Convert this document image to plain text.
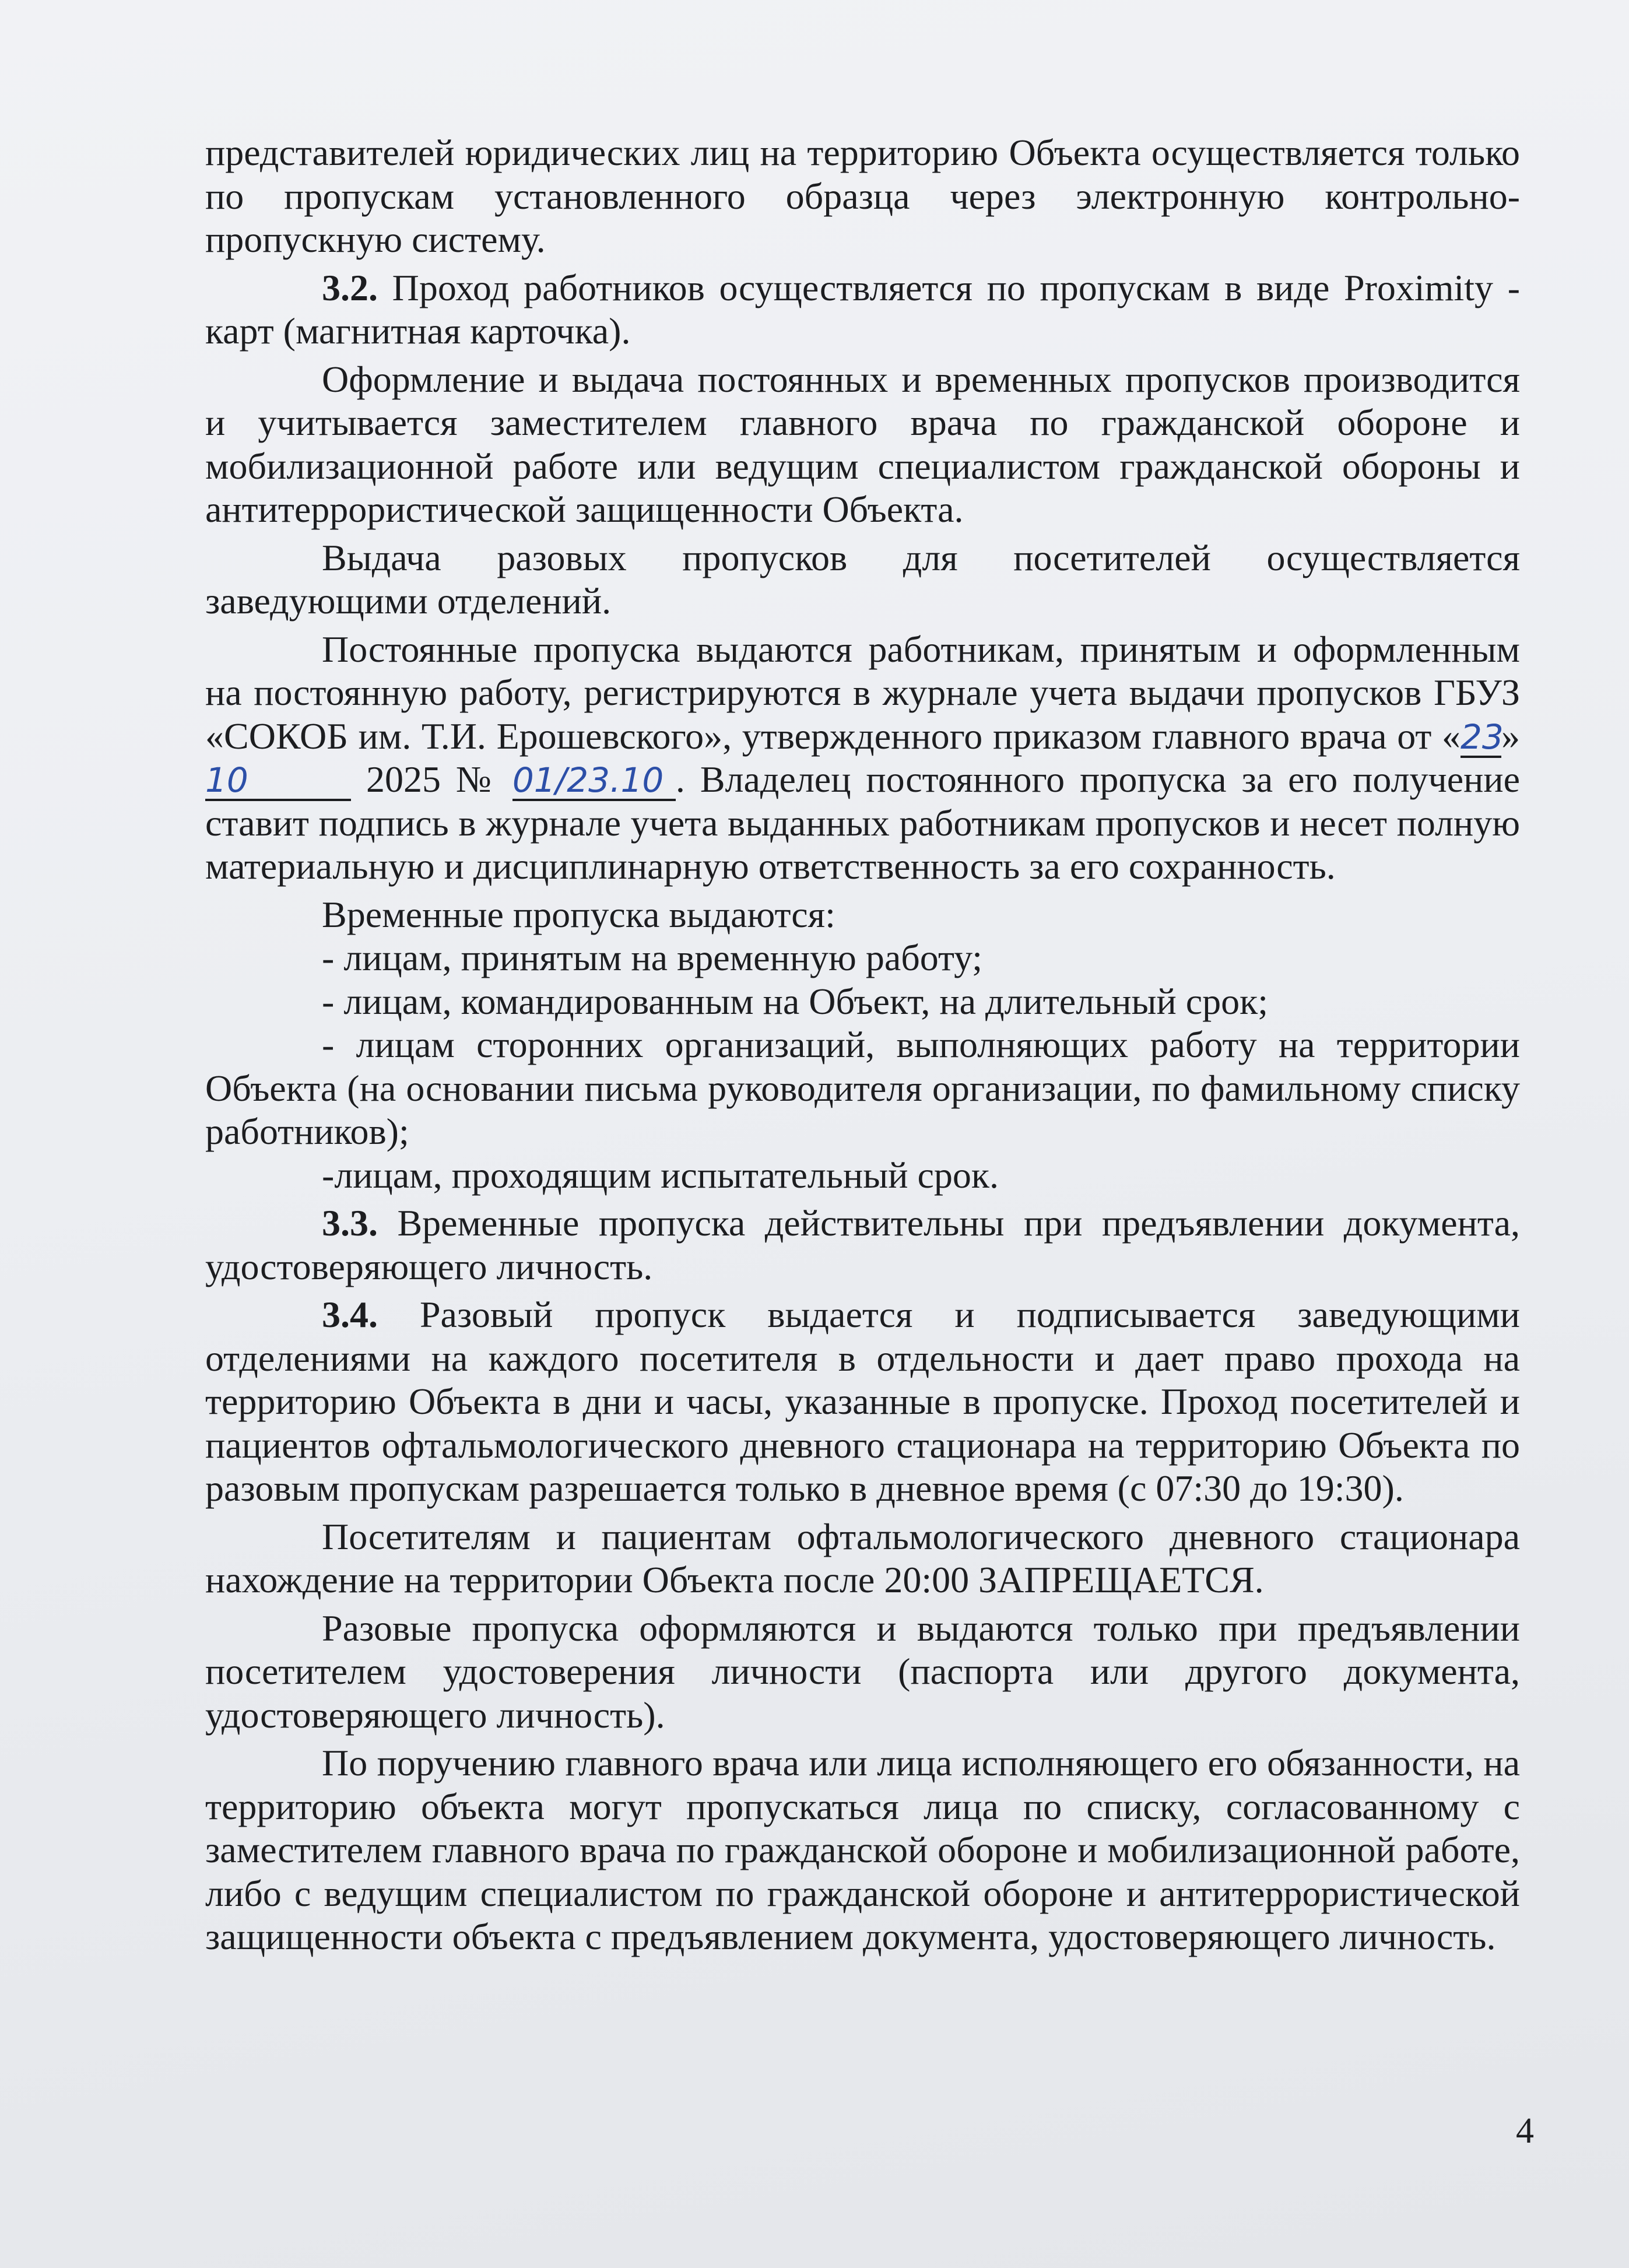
представителей юридических лиц на территорию Объекта осуществляется только по пропускам установленного образца через электронную контрольно-пропускную систему.

3.2. Проход работников осуществляется по пропускам в виде Proximity - карт (магнитная карточка).

Оформление и выдача постоянных и временных пропусков производится и учитывается заместителем главного врача по гражданской обороне и мобилизационной работе или ведущим специалистом гражданской обороны и антитеррористической защищенности Объекта.

Выдача разовых пропусков для посетителей осуществляется заведующими отделений.

Постоянные пропуска выдаются работникам, принятым и оформленным на постоянную работу, регистрируются в журнале учета выдачи пропусков ГБУЗ «СОКОБ им. Т.И. Ерошевского», утвержденного приказом главного врача от «23» 10	2025 № 01/23.10 . Владелец постоянного пропуска за его получение ставит подпись в журнале учета выданных работникам пропусков и несет полную материальную и дисциплинарную ответственность за его сохранность.

Временные пропуска выдаются:

- лицам, принятым на временную работу;

- лицам, командированным на Объект, на длительный срок;

- лицам сторонних организаций, выполняющих работу на территории Объекта (на основании письма руководителя организации, по фамильному списку работников);

-лицам, проходящим испытательный срок.

3.3. Временные пропуска действительны при предъявлении документа, удостоверяющего личность.

3.4. Разовый пропуск выдается и подписывается заведующими отделениями на каждого посетителя в отдельности и дает право прохода на территорию Объекта в дни и часы, указанные в пропуске. Проход посетителей и пациентов офтальмологического дневного стационара на территорию Объекта по разовым пропускам разрешается только в дневное время (с 07:30 до 19:30).

Посетителям и пациентам офтальмологического дневного стационара нахождение на территории Объекта после 20:00 ЗАПРЕЩАЕТСЯ.

Разовые пропуска оформляются и выдаются только при предъявлении посетителем удостоверения личности (паспорта или другого документа, удостоверяющего личность).

По поручению главного врача или лица исполняющего его обязанности, на территорию объекта могут пропускаться лица по списку, согласованному с заместителем главного врача по гражданской обороне и мобилизационной работе, либо с ведущим специалистом по гражданской обороне и антитеррористической защищенности объекта с предъявлением документа, удостоверяющего личность.

4
